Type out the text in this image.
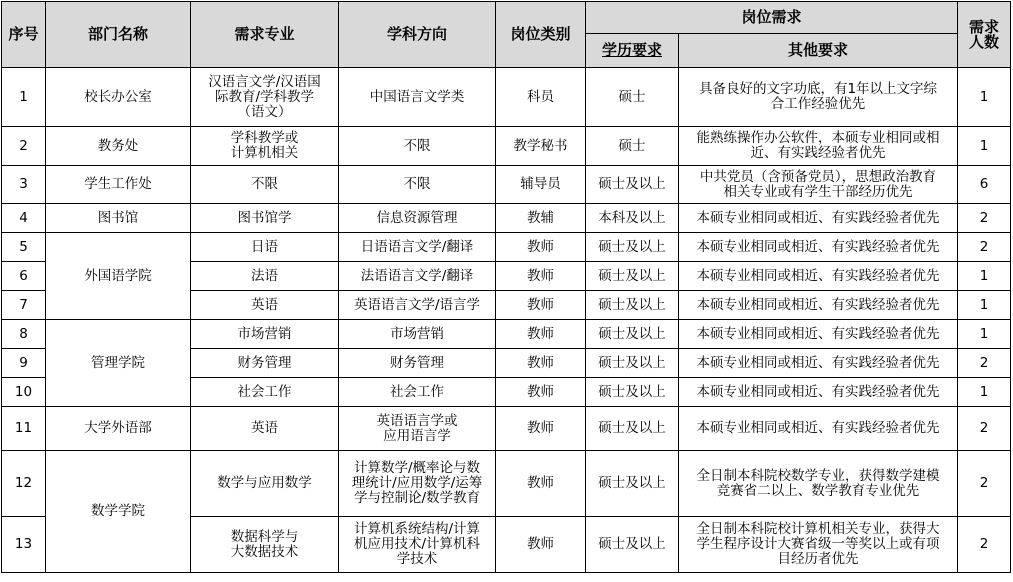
序号	部门名称	需求专业	学科方向	岗位类别	岗位需求		需求
人数

					学历要求	其他要求	
1	校长办公室	汉语言文学/汉语国
际教育/学科教学
（语文）	中国语言文学类	科员	硕士	具备良好的文字功底，有1年以上文字综
合工作经验优先	1
2	教务处	学科教学或
计算机相关	不限	教学秘书	硕士	能熟练操作办公软件，本硕专业相同或相
近、有实践经验者优先	1
3	学生工作处	不限	不限	辅导员	硕士及以上	中共党员（含预备党员），思想政治教育
相关专业或有学生干部经历优先	6
4	图书馆	图书馆学	信息资源管理	教辅	本科及以上	本硕专业相同或相近、有实践经验者优先	2
5	外国语学院	日语	日语语言文学/翻译	教师	硕士及以上	本硕专业相同或相近、有实践经验者优先	2
6		法语	法语语言文学/翻译	教师	硕士及以上	本硕专业相同或相近、有实践经验者优先	1
7		英语	英语语言文学/语言学	教师	硕士及以上	本硕专业相同或相近、有实践经验者优先	1
8	管理学院	市场营销	市场营销	教师	硕士及以上	本硕专业相同或相近、有实践经验者优先	1
9		财务管理	财务管理	教师	硕士及以上	本硕专业相同或相近、有实践经验者优先	2
10		社会工作	社会工作	教师	硕士及以上	本硕专业相同或相近、有实践经验者优先	1
11	大学外语部	英语	英语语言学或
应用语言学	教师	硕士及以上	本硕专业相同或相近、有实践经验者优先	2
12	数学学院	数学与应用数学	计算数学/概率论与数
理统计/应用数学/运筹
学与控制论/数学教育	教师	硕士及以上	全日制本科院校数学专业，获得数学建模
竞赛省二以上、数学教育专业优先	2
13		数据科学与
大数据技术	计算机系统结构/计算
机应用技术/计算机科
学技术	教师	硕士及以上	全日制本科院校计算机相关专业，获得大
学生程序设计大赛省级一等奖以上或有项
目经历者优先	2
